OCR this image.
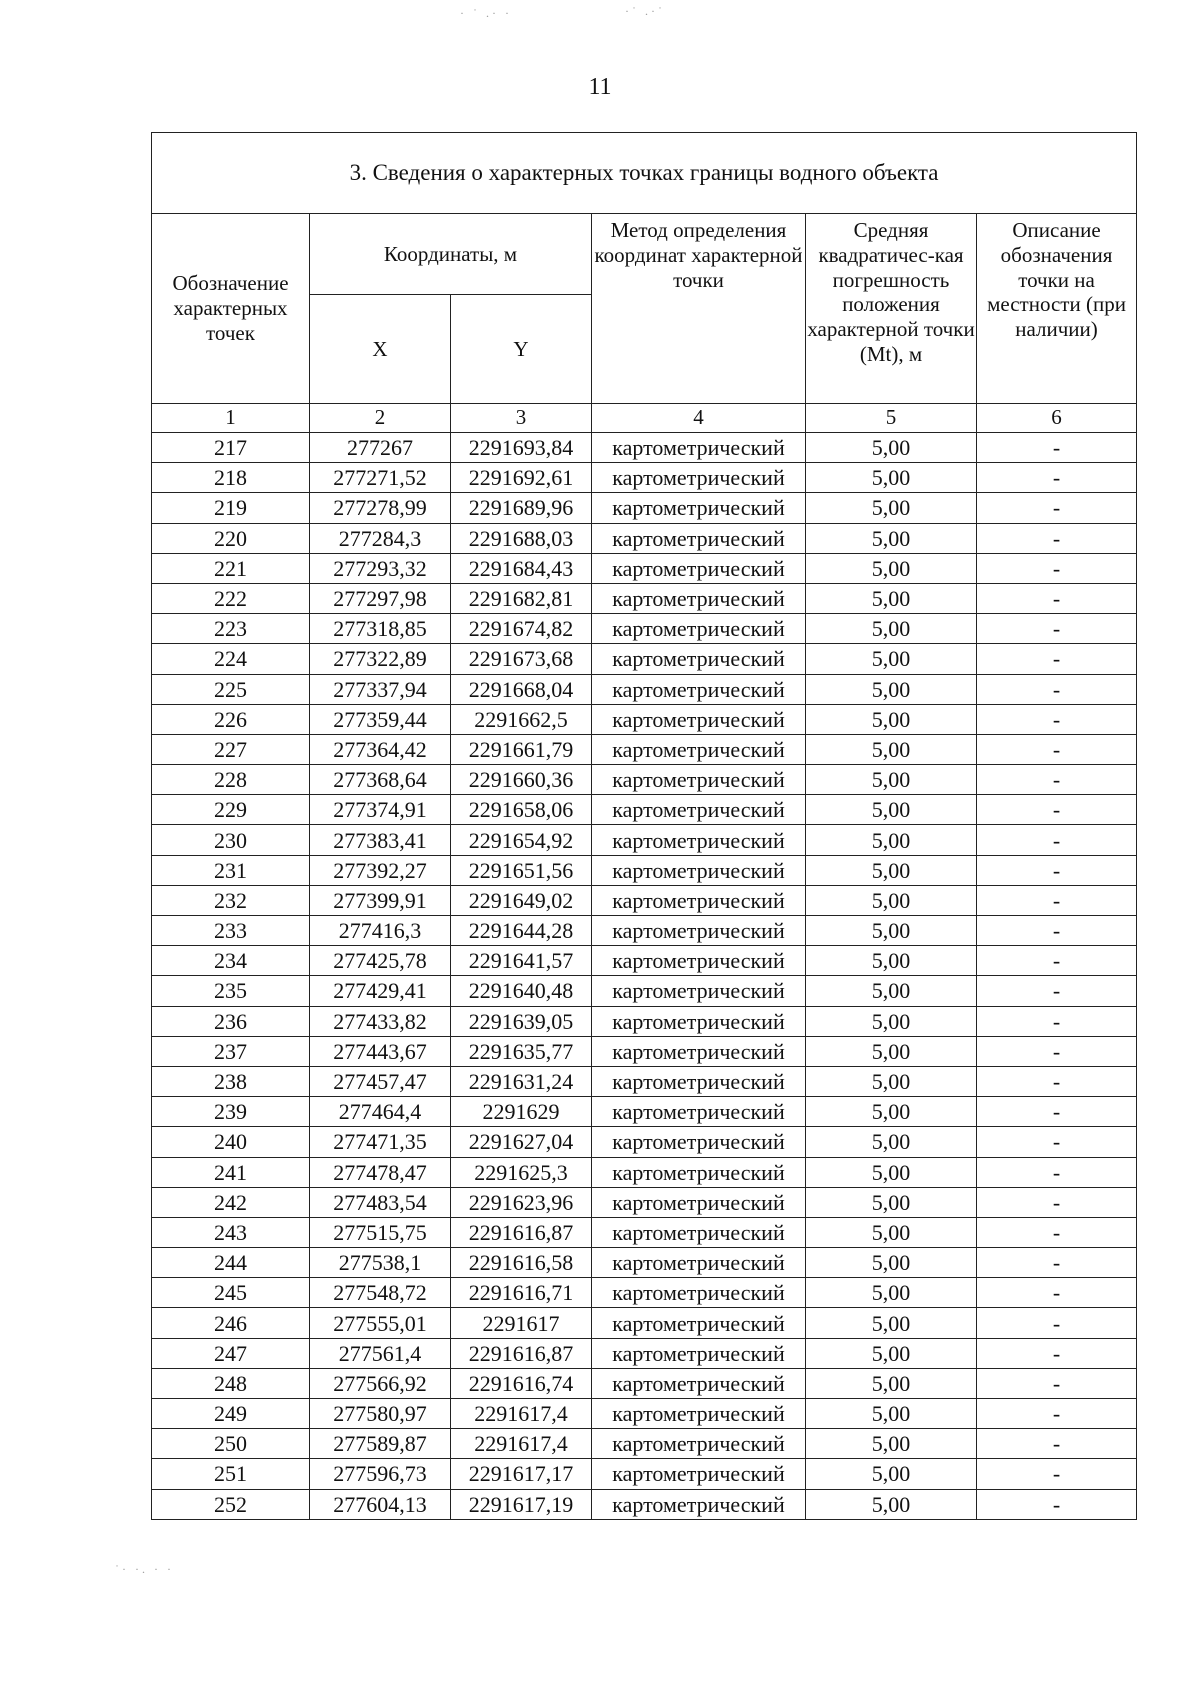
· ˙ .· ·	·˙ .·˙
˙· ·. · ·
11
3. Сведения о характерных точках границы водного объекта					
Обозначение характерных точек	Координаты, м		Метод определения координат характерной точки	Средняя квадратичес-кая погрешность положения характерной точки (Mt), м	Описание обозначения точки на местности (при наличии)
	X	Y			
1	2	3	4	5	6
217	277267	2291693,84	картометрический	5,00	-
218	277271,52	2291692,61	картометрический	5,00	-
219	277278,99	2291689,96	картометрический	5,00	-
220	277284,3	2291688,03	картометрический	5,00	-
221	277293,32	2291684,43	картометрический	5,00	-
222	277297,98	2291682,81	картометрический	5,00	-
223	277318,85	2291674,82	картометрический	5,00	-
224	277322,89	2291673,68	картометрический	5,00	-
225	277337,94	2291668,04	картометрический	5,00	-
226	277359,44	2291662,5	картометрический	5,00	-
227	277364,42	2291661,79	картометрический	5,00	-
228	277368,64	2291660,36	картометрический	5,00	-
229	277374,91	2291658,06	картометрический	5,00	-
230	277383,41	2291654,92	картометрический	5,00	-
231	277392,27	2291651,56	картометрический	5,00	-
232	277399,91	2291649,02	картометрический	5,00	-
233	277416,3	2291644,28	картометрический	5,00	-
234	277425,78	2291641,57	картометрический	5,00	-
235	277429,41	2291640,48	картометрический	5,00	-
236	277433,82	2291639,05	картометрический	5,00	-
237	277443,67	2291635,77	картометрический	5,00	-
238	277457,47	2291631,24	картометрический	5,00	-
239	277464,4	2291629	картометрический	5,00	-
240	277471,35	2291627,04	картометрический	5,00	-
241	277478,47	2291625,3	картометрический	5,00	-
242	277483,54	2291623,96	картометрический	5,00	-
243	277515,75	2291616,87	картометрический	5,00	-
244	277538,1	2291616,58	картометрический	5,00	-
245	277548,72	2291616,71	картометрический	5,00	-
246	277555,01	2291617	картометрический	5,00	-
247	277561,4	2291616,87	картометрический	5,00	-
248	277566,92	2291616,74	картометрический	5,00	-
249	277580,97	2291617,4	картометрический	5,00	-
250	277589,87	2291617,4	картометрический	5,00	-
251	277596,73	2291617,17	картометрический	5,00	-
252	277604,13	2291617,19	картометрический	5,00	-
